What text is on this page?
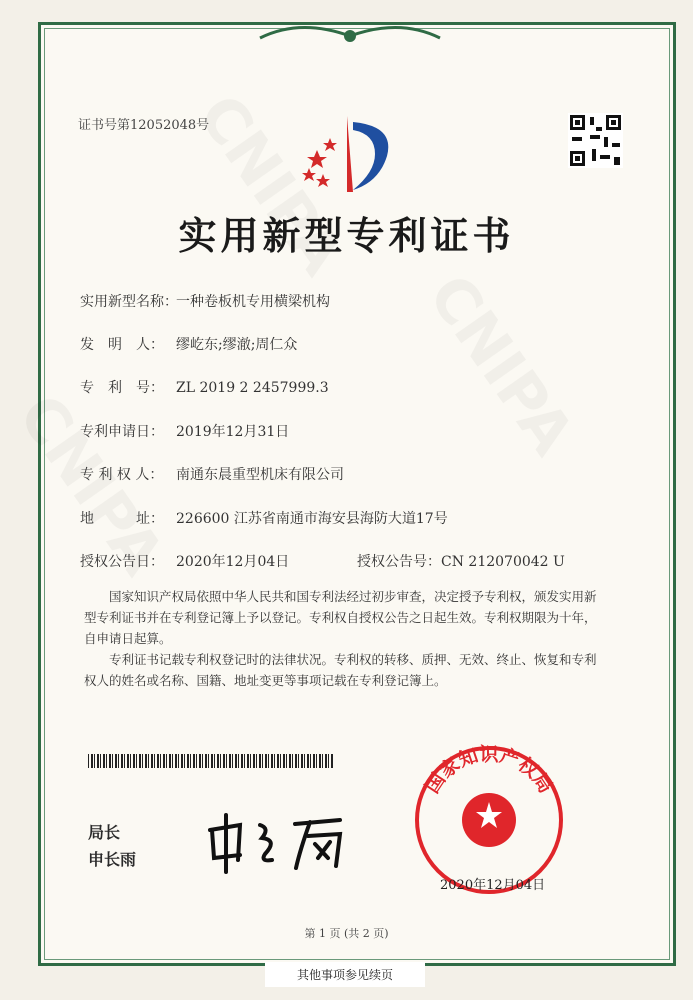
证书号第12052048号
实用新型专利证书
实用新型名称：一种卷板机专用横梁机构
发　明　人： 缪屹东;缪澈;周仁众
专　利　号： ZL 2019 2 2457999.3
专利申请日： 2019年12月31日
专 利 权 人： 南通东晨重型机床有限公司
地　　　址： 226600 江苏省南通市海安县海防大道17号
授权公告日： 2020年12月04日	授权公告号：CN 212070042 U

国家知识产权局依照中华人民共和国专利法经过初步审查，决定授予专利权，颁发实用新型专利证书并在专利登记簿上予以登记。专利权自授权公告之日起生效。专利权期限为十年，自申请日起算。

专利证书记载专利权登记时的法律状况。专利权的转移、质押、无效、终止、恢复和专利权人的姓名或名称、国籍、地址变更等事项记载在专利登记簿上。

局长
申长雨
国家知识产权局
2020年12月04日
第 1 页 (共 2 页)
其他事项参见续页
